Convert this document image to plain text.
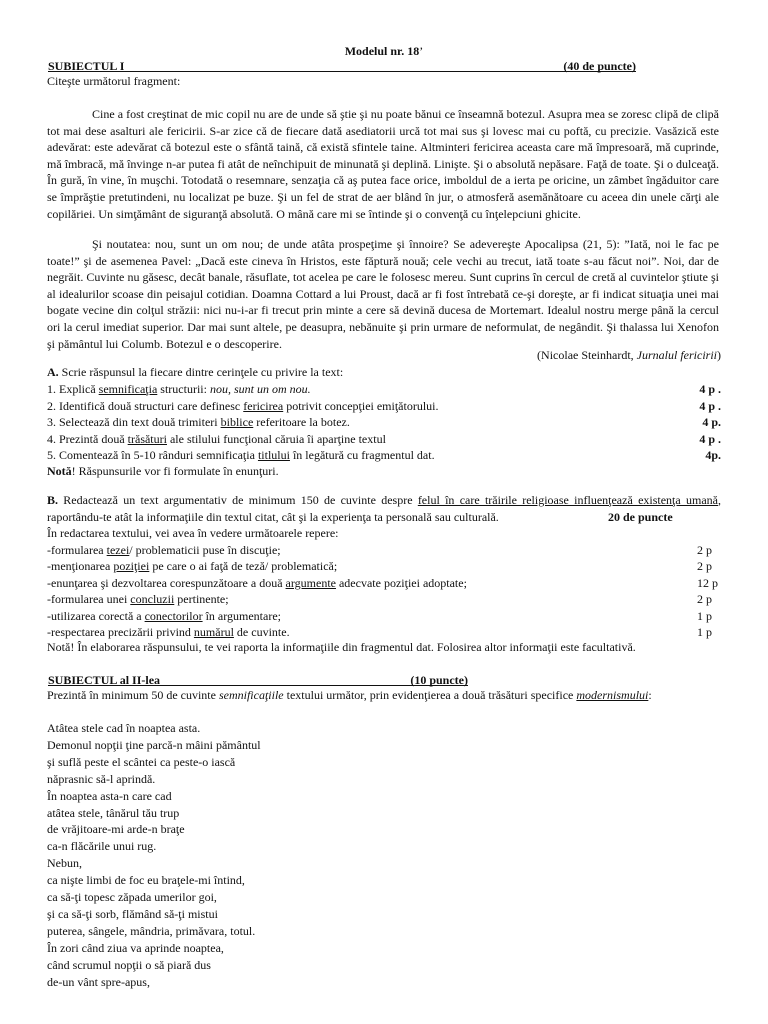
Modelul nr. 18’
SUBIECTUL I	(40 de puncte)
Citeşte următorul fragment:

Cine a fost creştinat de mic copil nu are de unde să ştie şi nu poate bănui ce înseamnă botezul. Asupra mea se zoresc clipă de clipă tot mai dese asalturi ale fericirii. S-ar zice că de fiecare dată asediatorii urcă tot mai sus şi lovesc mai cu poftă, cu precizie. Vasăzică este adevărat: este adevărat că botezul este o sfântă taină, că există sfintele taine. Altminteri fericirea aceasta care mă împresoară, mă cuprinde, mă îmbracă, mă învinge n-ar putea fi atât de neînchipuit de minunată şi deplină. Linişte. Şi o absolută nepăsare. Faţă de toate. Şi o dulceaţă. În gură, în vine, în muşchi. Totodată o resemnare, senzaţia că aş putea face orice, imboldul de a ierta pe oricine, un zâmbet îngăduitor care se împrăştie pretutindeni, nu localizat pe buze. Şi un fel de strat de aer blând în jur, o atmosferă asemănătoare cu aceea din unele cărţi ale copilăriei. Un simţământ de siguranţă absolută. O mână care mi se întinde şi o convenţă cu înţelepciuni ghicite.

Şi noutatea: nou, sunt un om nou; de unde atâta prospeţime şi înnoire? Se adevereşte Apocalipsa (21, 5): ”Iată, noi le fac pe toate!” şi de asemenea Pavel: „Dacă este cineva în Hristos, este făptură nouă; cele vechi au trecut, iată toate s-au făcut noi”. Noi, dar de negrăit. Cuvinte nu găsesc, decât banale, răsuflate, tot acelea pe care le folosesc mereu. Sunt cuprins în cercul de cretă al cuvintelor ştiute şi al idealurilor scoase din peisajul cotidian. Doamna Cottard a lui Proust, dacă ar fi fost întrebată ce-şi doreşte, ar fi indicat situaţia unei mai bogate vecine din colţul străzii: nici nu-i-ar fi trecut prin minte a cere să devină ducesa de Mortemart. Idealul nostru merge până la cercul ori la cerul imediat superior. Dar mai sunt altele, pe deasupra, nebănuite şi prin urmare de neformulat, de negândit. Şi thalassa lui Xenofon şi pământul lui Columb. Botezul e o descoperire.

(Nicolae Steinhardt, Jurnalul fericirii)
A. Scrie răspunsul la fiecare dintre cerinţele cu privire la text:
1. Explică semnificaţia structurii: nou, sunt un om nou.	4 p .
2. Identifică două structuri care definesc fericirea potrivit concepţiei emiţătorului.	4 p .
3. Selectează din text două trimiteri biblice referitoare la botez.	4 p.
4. Prezintă două trăsături ale stilului funcţional căruia îi aparţine textul	4 p .
5. Comentează în 5-10 rânduri semnificaţia titlului în legătură cu fragmentul dat.	4p.
Notă! Răspunsurile vor fi formulate în enunţuri.

B. Redactează un text argumentativ de minimum 150 de cuvinte despre felul în care trăirile religioase influenţează existenţa umană, raportându-te atât la informaţiile din textul citat, cât şi la experienţa ta personală sau culturală.	20 de puncte
În redactarea textului, vei avea în vedere următoarele repere:
-formularea tezei/ problematicii puse în discuţie;	2 p
-menţionarea poziţiei pe care o ai faţă de teză/ problematică;	2 p
-enunţarea şi dezvoltarea corespunzătoare a două argumente adecvate poziţiei adoptate;	12 p
-formularea unei concluzii pertinente;	2 p
-utilizarea corectă a conectorilor în argumentare;	1 p
-respectarea precizării privind numărul de cuvinte.	1 p
Notă! În elaborarea răspunsului, te vei raporta la informaţiile din fragmentul dat. Folosirea altor informaţii este facultativă.
SUBIECTUL al II-lea	(10 puncte)
Prezintă în minimum 50 de cuvinte semnificaţiile textului următor, prin evidenţierea a două trăsături specifice modernismului:
Atâtea stele cad în noaptea asta.
Demonul nopţii ţine parcă-n mâini pământul
şi suflă peste el scântei ca peste-o iască
năprasnic să-l aprindă.
În noaptea asta-n care cad
atâtea stele, tânărul tău trup
de vrăjitoare-mi arde-n braţe
ca-n flăcările unui rug.
Nebun,
ca nişte limbi de foc eu braţele-mi întind,
ca să-ţi topesc zăpada umerilor goi,
şi ca să-ţi sorb, flămând să-ţi mistui
puterea, sângele, mândria, primăvara, totul.
În zori când ziua va aprinde noaptea,
când scrumul nopţii o să piară dus
de-un vânt spre-apus,
